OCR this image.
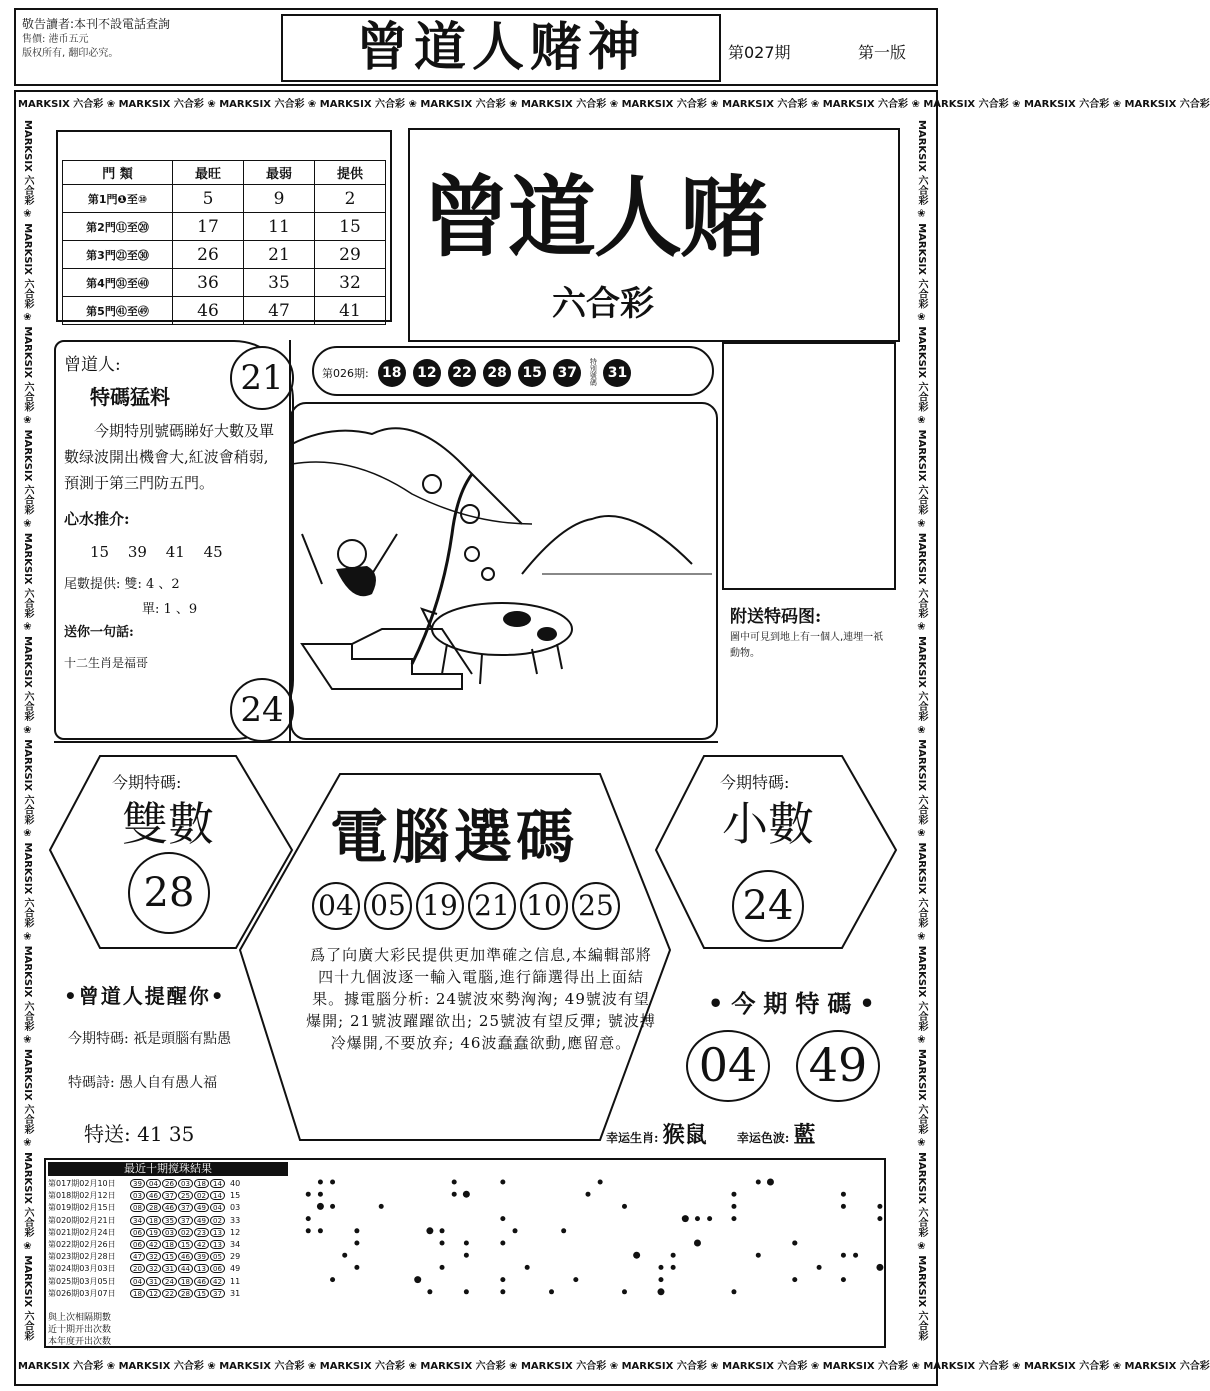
敬告讀者:本刊不設電話查詢
售價: 港币五元
版权所有, 翻印必究。	曾道人赌神	第027期	第一版
MARKSIX 六合彩 ❀ MARKSIX 六合彩 ❀ MARKSIX 六合彩 ❀ MARKSIX 六合彩 ❀ MARKSIX 六合彩 ❀ MARKSIX 六合彩 ❀ MARKSIX 六合彩 ❀ MARKSIX 六合彩 ❀ MARKSIX 六合彩 ❀ MARKSIX 六合彩 ❀ MARKSIX 六合彩 ❀ MARKSIX 六合彩
MARKSIX 六合彩 ❀ MARKSIX 六合彩 ❀ MARKSIX 六合彩 ❀ MARKSIX 六合彩 ❀ MARKSIX 六合彩 ❀ MARKSIX 六合彩 ❀ MARKSIX 六合彩 ❀ MARKSIX 六合彩 ❀ MARKSIX 六合彩 ❀ MARKSIX 六合彩 ❀ MARKSIX 六合彩 ❀ MARKSIX 六合彩
MARKSIX 六合彩 ❀ MARKSIX 六合彩 ❀ MARKSIX 六合彩 ❀ MARKSIX 六合彩 ❀ MARKSIX 六合彩 ❀ MARKSIX 六合彩 ❀ MARKSIX 六合彩 ❀ MARKSIX 六合彩 ❀ MARKSIX 六合彩 ❀ MARKSIX 六合彩 ❀ MARKSIX 六合彩 ❀ MARKSIX 六合彩	MARKSIX 六合彩 ❀ MARKSIX 六合彩 ❀ MARKSIX 六合彩 ❀ MARKSIX 六合彩 ❀ MARKSIX 六合彩 ❀ MARKSIX 六合彩 ❀ MARKSIX 六合彩 ❀ MARKSIX 六合彩 ❀ MARKSIX 六合彩 ❀ MARKSIX 六合彩 ❀ MARKSIX 六合彩 ❀ MARKSIX 六合彩
門 類	最旺	最弱	提供
第1門❶至⑩	5	9	2
第2門⑪至⑳	17	11	15
第3門㉑至㉚	26	21	29
第4門㉛至㊵	36	35	32
第5門㊶至㊾	46	47	41
曾道人赌
六合彩
曾道人:
特碼猛料
今期特別號碼睇好大數及單數绿波開出機會大,紅波會稍弱,預測于第三門防五門。
心水推介:
15 39 41 45
尾數提供: 雙: 4 、2
單: 1 、9
送你一句話:
十二生肖是福哥
21
24
第026期: 18 12 22 28 15 37 特別號碼 31
附送特码图:
圖中可見到地上有一個人,連埋一祇動物。
今期特碼:
雙數
28
今期特碼:
小數
24
電腦選碼
04 05 19 21 10 25
爲了向廣大彩民提供更加準確之信息,本編輯部將四十九個波逐一輸入電腦,進行篩選得出上面結果。據電腦分析: 24號波來勢洶洶; 49號波有望爆開; 21號波躍躍欲出; 25號波有望反彈; 號波搏冷爆開,不要放弃; 46波蠢蠢欲動,應留意。
•曾道人提醒你•
今期特碼: 祇是頭腦有點愚
特碼詩: 愚人自有愚人福
特送: 41 35
•今期特碼•
04 49
幸运生肖: 猴鼠	幸运色波: 藍
最近十期搅珠結果
第017期02月10日 39 04 26 03 18 14 40
第018期02月12日 03 46 37 25 02 14 15
第019期02月15日 08 28 46 37 49 04 03
第020期02月21日 34 18 35 37 49 02 33
第021期02月24日 06 19 03 02 23 13 12
第022期02月26日 06 42 18 15 42 13 34
第023期02月28日 47 32 15 46 39 05 29
第024期03月03日 20 32 31 44 13 06 49
第025期03月05日 04 31 24 18 46 42 11
第026期03月07日 18 12 22 28 15 37 31
與上次相隔期數
近十期开出次数
本年度开出次数
